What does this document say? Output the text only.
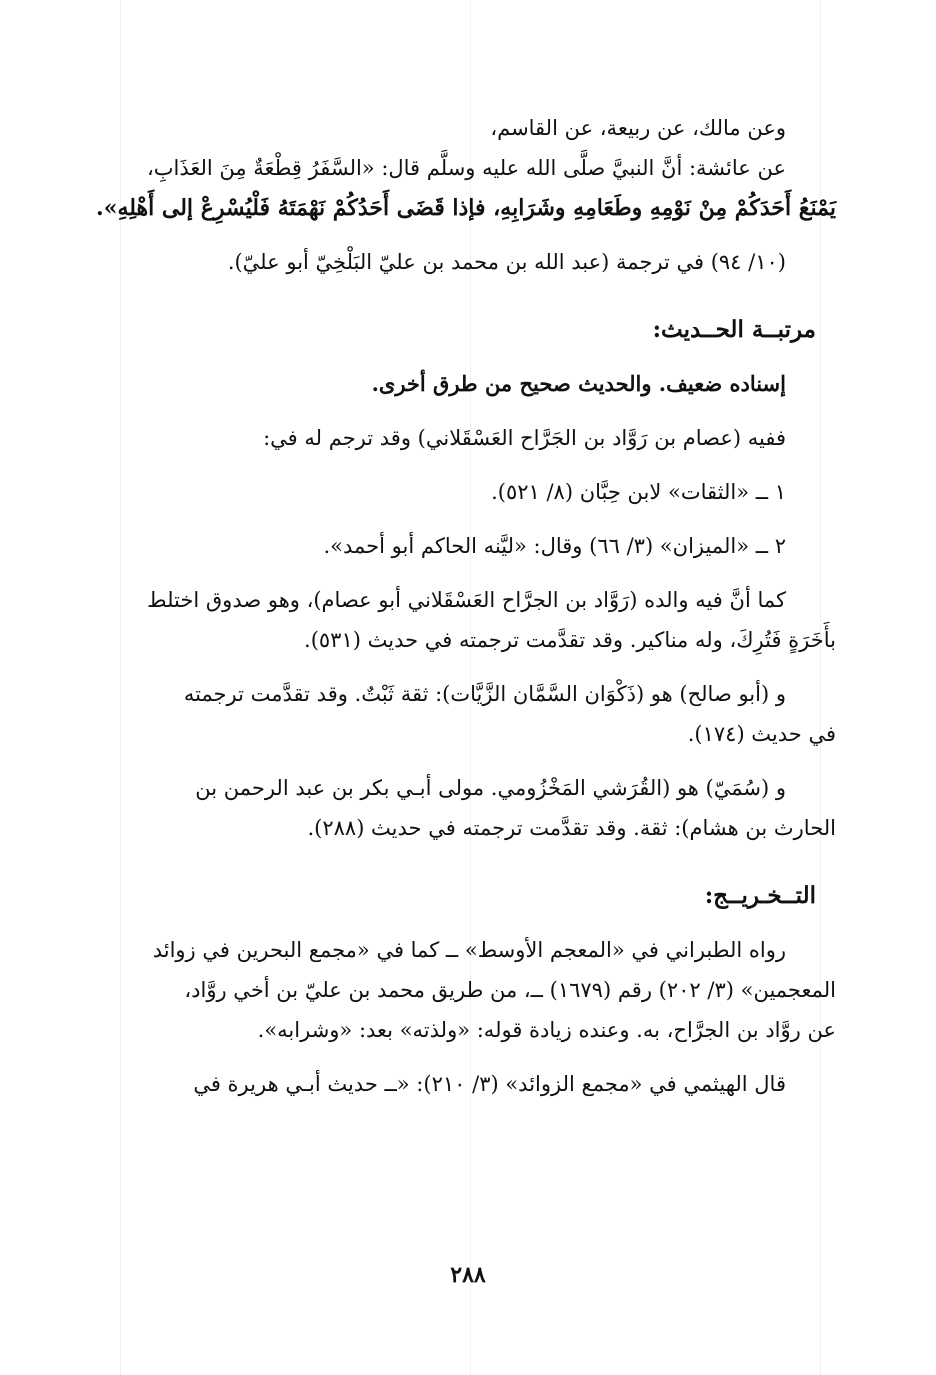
وعن مالك، عن ربيعة، عن القاسم،

عن عائشة: أنَّ النبيَّ صلَّى الله عليه وسلَّم قال: «السَّفَرُ قِطْعَةٌ مِنَ العَذَابِ،

يَمْنَعُ أَحَدَكُمْ مِنْ نَوْمِهِ وطَعَامِهِ وشَرَابِهِ، فإذا قَضَى أَحَدُكُمْ نَهْمَتَهُ فَلْيُسْرِعْ إلى أَهْلِهِ».

(١٠/ ٩٤) في ترجمة (عبد الله بن محمد بن عليّ البَلْخِيّ أبو عليّ).

مرتبــة الحــديث:

إسناده ضعيف. والحديث صحيح من طرق أخرى.

ففيه (عصام بن رَوَّاد بن الجَرَّاح العَسْقَلاني) وقد ترجم له في:

١ ــ «الثقات» لابن حِبَّان (٨/ ٥٢١).

٢ ــ «الميزان» (٣/ ٦٦) وقال: «ليَّنه الحاكم أبو أحمد».

كما أنَّ فيه والده (رَوَّاد بن الجرَّاح العَسْقَلاني أبو عصام)، وهو صدوق اختلط

بأَخَرَةٍ فَتُرِكَ، وله مناكير. وقد تقدَّمت ترجمته في حديث (٥٣١).

و (أبو صالح) هو (ذَكْوَان السَّمَّان الزَّيَّات): ثقة ثَبْتٌ. وقد تقدَّمت ترجمته

في حديث (١٧٤).

و (سُمَيّ) هو (القُرَشي المَخْزُومي. مولى أبـي بكر بن عبد الرحمن بن

الحارث بن هشام): ثقة. وقد تقدَّمت ترجمته في حديث (٢٨٨).

التــخـريــج:

رواه الطبراني في «المعجم الأوسط» ــ كما في «مجمع البحرين في زوائد

المعجمين» (٣/ ٢٠٢) رقم (١٦٧٩) ــ، من طريق محمد بن عليّ بن أخي روَّاد،

عن روَّاد بن الجرَّاح، به. وعنده زيادة قوله: «ولذته» بعد: «وشرابه».

قال الهيثمي في «مجمع الزوائد» (٣/ ٢١٠): «ــ حديث أبـي هريرة في

٢٨٨
